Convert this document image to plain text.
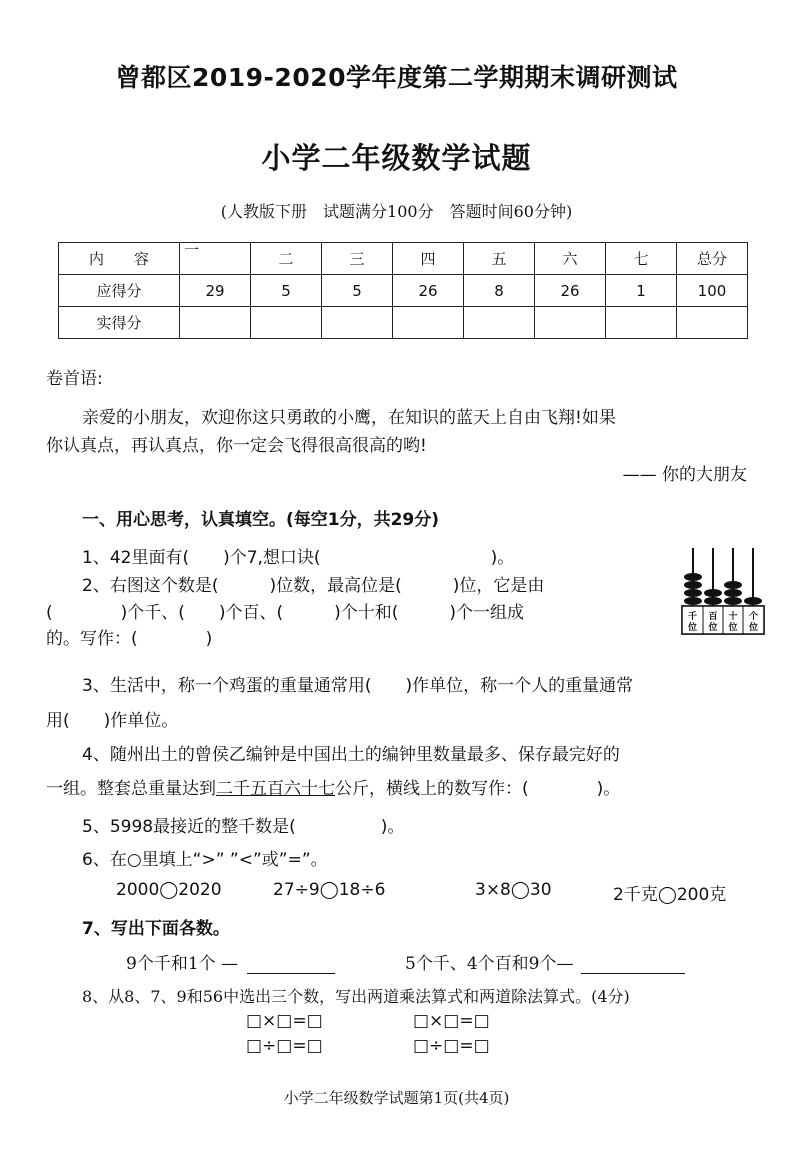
曾都区2019-2020学年度第二学期期末调研测试
小学二年级数学试题
(人教版下册　试题满分100分　答题时间60分钟)
内　　容	一	二	三	四	五	六	七	总分
应得分	29	5	5	26	8	26	1	100
实得分								
卷首语:
亲爱的小朋友，欢迎你这只勇敢的小鹰，在知识的蓝天上自由飞翔!如果
你认真点，再认真点，你一定会飞得很高很高的哟!
—— 你的大朋友
一、用心思考，认真填空。(每空1分，共29分)
1、42里面有(　　)个7,想口诀(　　　　　　　　　　)。
2、右图这个数是(　　　)位数，最高位是(　　　)位，它是由
(　　　　)个千、(　　)个百、(　　　)个十和(　　　)个一组成
的。写作：(　　　　)
千
位
百
位
十
位
个
位
3、生活中，称一个鸡蛋的重量通常用(　　)作单位，称一个人的重量通常
用(　　)作单位。
4、随州出土的曾侯乙编钟是中国出土的编钟里数量最多、保存最完好的
一组。整套总重量达到二千五百六十七公斤，横线上的数写作：(　　　　)。
5、5998最接近的整千数是(　　　　　)。
6、在○里填上“>” ”<”或”=”。
2000◯2020	27÷9◯18÷6	3×8◯30	2千克◯200克
7、写出下面各数。
9个千和1个 —	5个千、4个百和9个—
8、从8、7、9和56中选出三个数，写出两道乘法算式和两道除法算式。(4分)
□×□=□	□×□=□
□÷□=□	□÷□=□
小学二年级数学试题第1页(共4页)
